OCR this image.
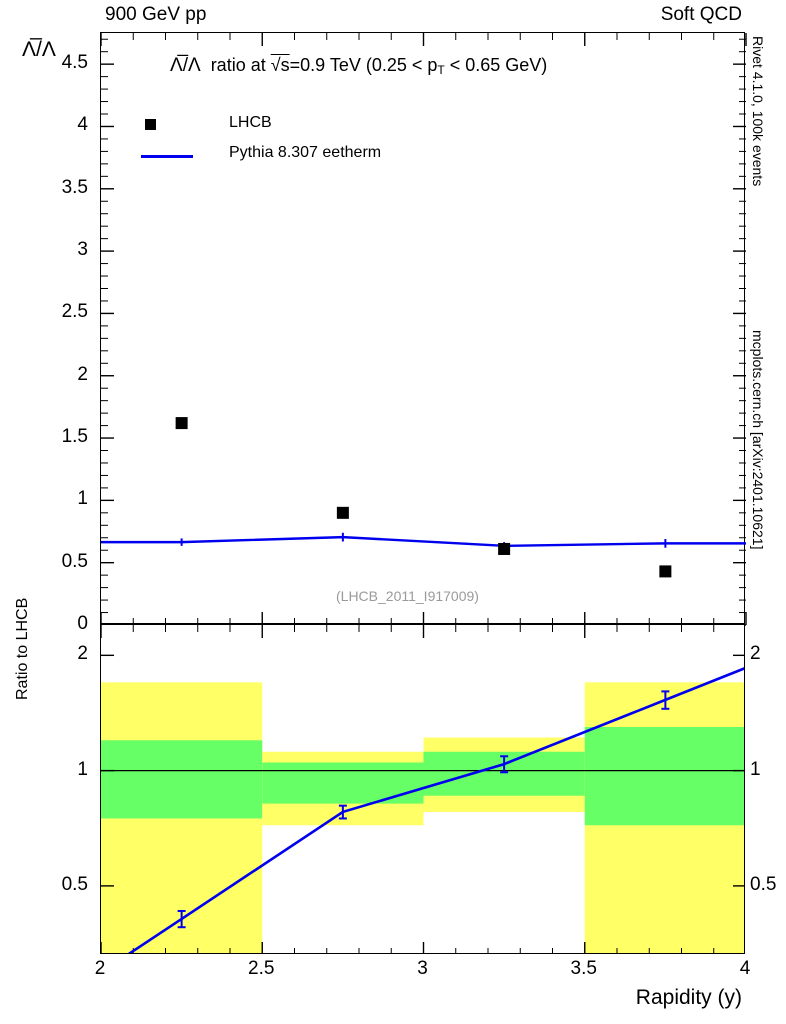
900 GeV pp	Soft QCD
Rivet 4.1.0, 100k events
mcplots.cern.ch [arXiv:2401.10621]
Λ̅/Λ
0
0.5
1
1.5
2
2.5
3
3.5
4
4.5	Λ̅/Λ  ratio at √s=0.9 TeV (0.25 < pT < 0.65 GeV)
(LHCB_2011_I917009)
LHCB
Pythia 8.307 eetherm
0.5	0.5
1	1
2	2
Ratio to LHCB
Rapidity (y)
2	2.5	3	3.5	4
